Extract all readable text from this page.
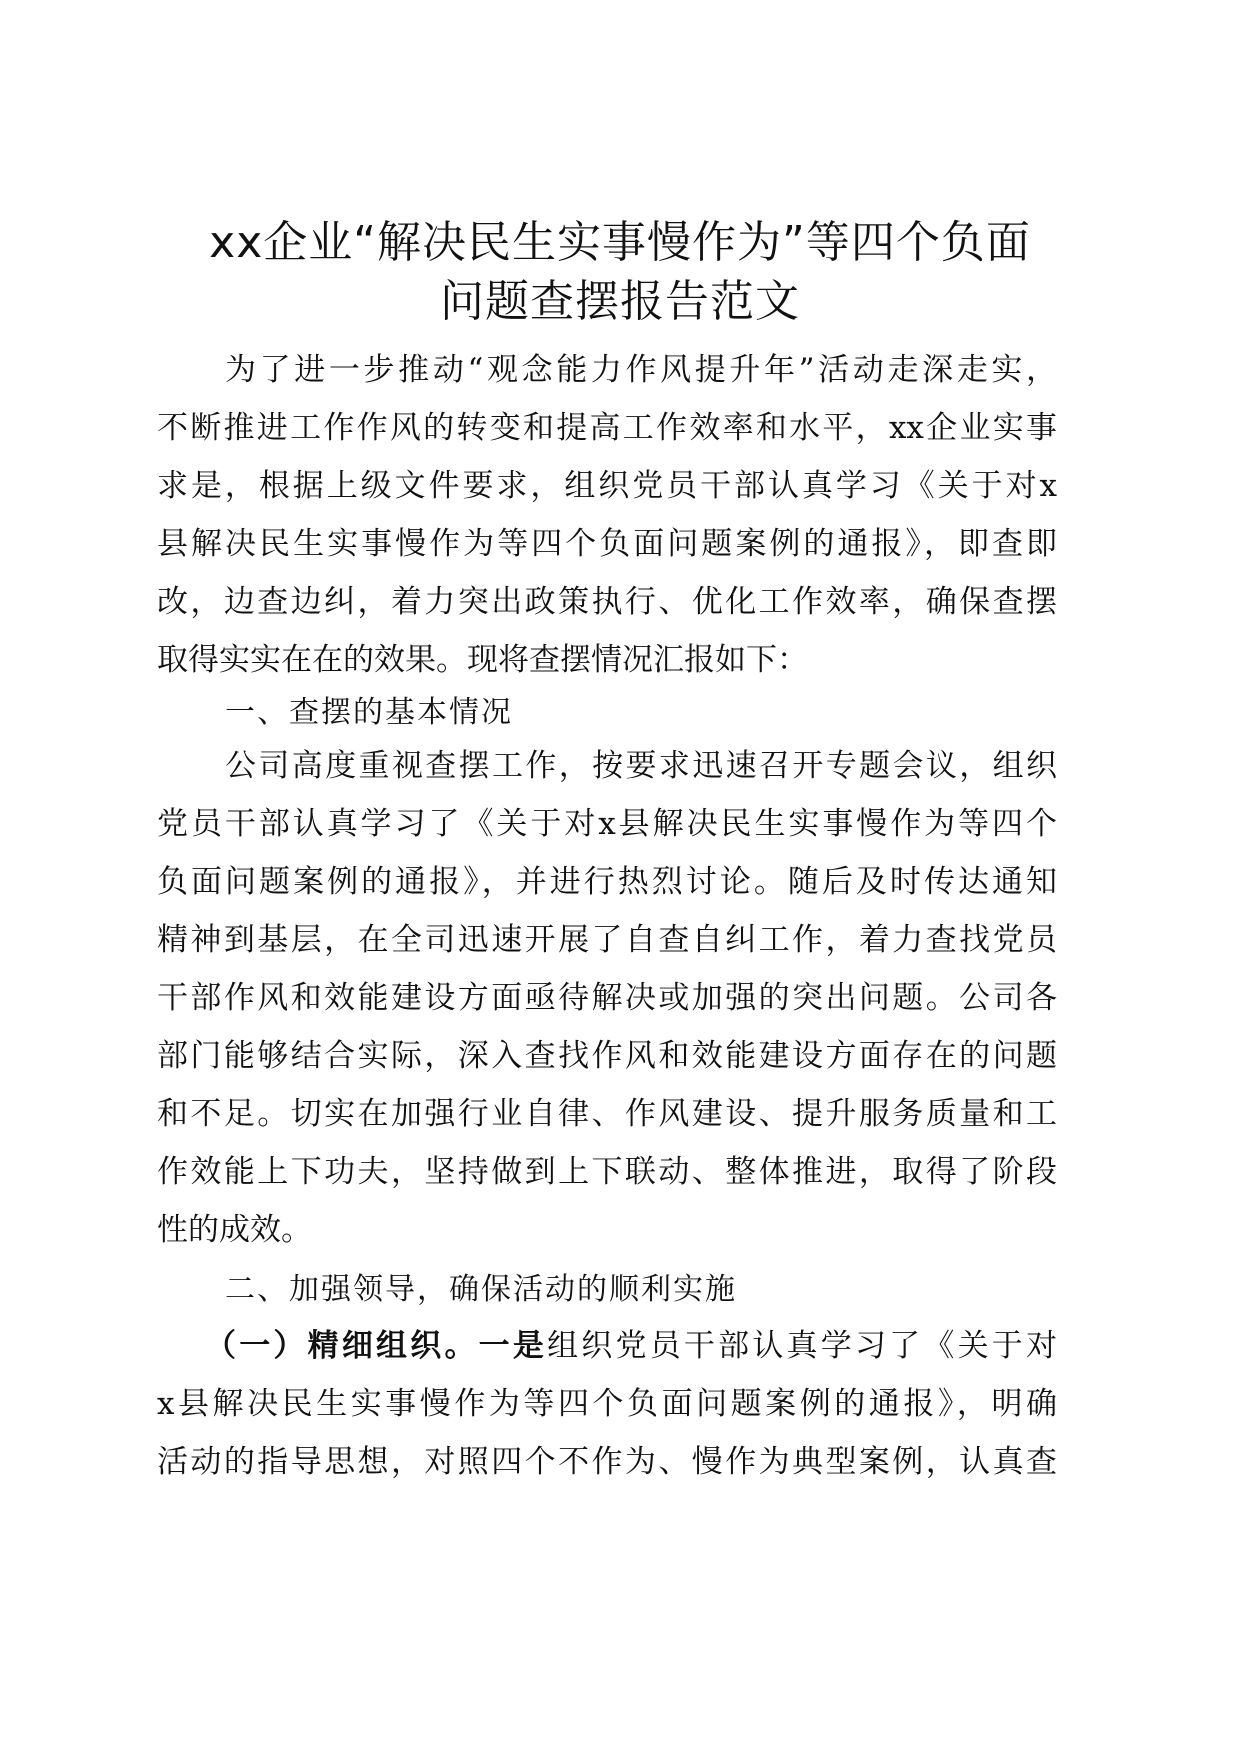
xx企业“解决民生实事慢作为”等四个负面
问题查摆报告范文
为了进一步推动“观念能力作风提升年”活动走深走实，
不断推进工作作风的转变和提高工作效率和水平，xx企业实事
求是，根据上级文件要求，组织党员干部认真学习《关于对x
县解决民生实事慢作为等四个负面问题案例的通报》，即查即
改，边查边纠，着力突出政策执行、优化工作效率，确保查摆
取得实实在在的效果。现将查摆情况汇报如下：
一、查摆的基本情况
公司高度重视查摆工作，按要求迅速召开专题会议，组织
党员干部认真学习了《关于对x县解决民生实事慢作为等四个
负面问题案例的通报》，并进行热烈讨论。随后及时传达通知
精神到基层，在全司迅速开展了自查自纠工作，着力查找党员
干部作风和效能建设方面亟待解决或加强的突出问题。公司各
部门能够结合实际，深入查找作风和效能建设方面存在的问题
和不足。切实在加强行业自律、作风建设、提升服务质量和工
作效能上下功夫，坚持做到上下联动、整体推进，取得了阶段
性的成效。
二、加强领导，确保活动的顺利实施
（一）精细组织。一是组织党员干部认真学习了《关于对
x县解决民生实事慢作为等四个负面问题案例的通报》，明确
活动的指导思想，对照四个不作为、慢作为典型案例，认真查
